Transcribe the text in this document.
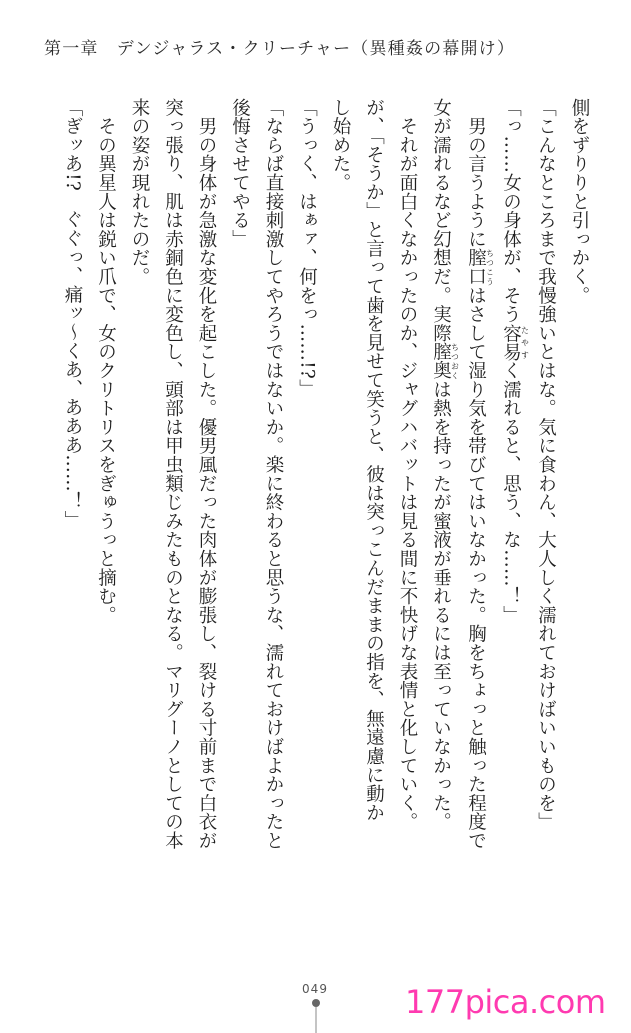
第一章　デンジャラス・クリーチャー（異種姦の幕開け）
側をずりりと引っかく。
「こんなところまで我慢強いとはな。気に食わん、大人しく濡れておけばいいものを」
「っ……女の身体が、そう容易 たやすく濡れると、思う、な……！」
　男の言うように膣口 ちつこうはさして湿り気を帯びてはいなかった。胸をちょっと触った程度で
女が濡れるなど幻想だ。実際膣奥 ちつおくは熱を持ったが蜜液が垂れるには至っていなかった。
　それが面白くなかったのか、ジャグハバットは見る間に不快げな表情と化していく。
が、「そうか」と言って歯を見せて笑うと、彼は突っこんだままの指を、無遠慮に動か
し始めた。
「うっく、はぁァ、何をっ……!?」
「ならば直接刺激してやろうではないか。楽に終わると思うな、濡れておけばよかったと
後悔させてやる」
　男の身体が急激な変化を起こした。優男風だった肉体が膨張し、裂ける寸前まで白衣が
突っ張り、肌は赤銅色に変色し、頭部は甲虫類じみたものとなる。マリグーノとしての本
来の姿が現れたのだ。
　その異星人は鋭い爪で、女のクリトリスをぎゅうっと摘む。
「ぎッあ!?　ぐぐっ、痛ッ～くあ、あああ……！」
049 177pica.com
